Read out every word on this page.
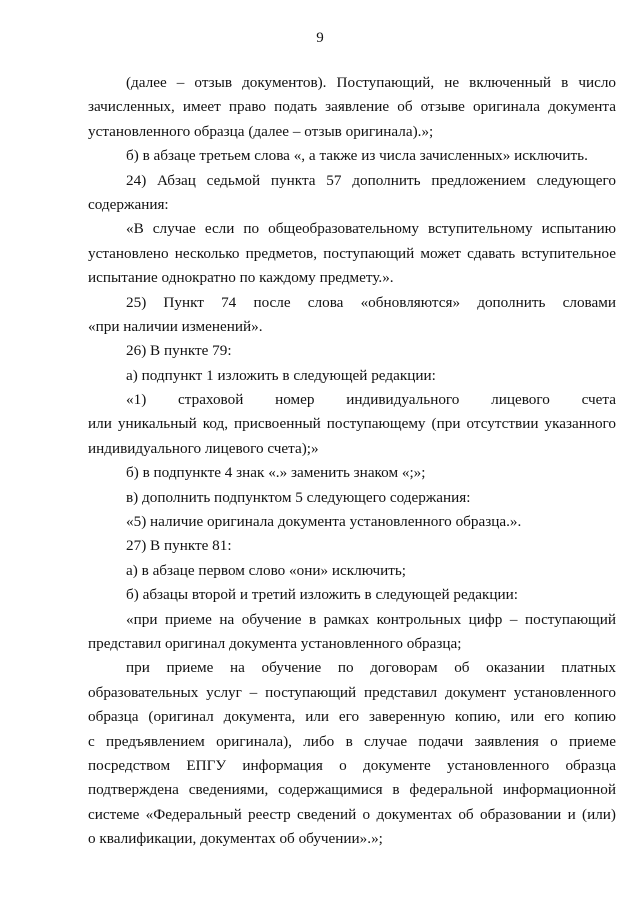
9
(далее – отзыв документов). Поступающий, не включенный в число
зачисленных, имеет право подать заявление об отзыве оригинала документа
установленного образца (далее – отзыв оригинала).»;
б) в абзаце третьем слова «, а также из числа зачисленных» исключить.
24) Абзац седьмой пункта 57 дополнить предложением следующего
содержания:
«В случае если по общеобразовательному вступительному испытанию
установлено несколько предметов, поступающий может сдавать вступительное
испытание однократно по каждому предмету.».
25) Пункт 74 после слова «обновляются» дополнить словами
«при наличии изменений».
26) В пункте 79:
а) подпункт 1 изложить в следующей редакции:
«1) страховой номер индивидуального лицевого счета
или уникальный код, присвоенный поступающему (при отсутствии указанного
индивидуального лицевого счета);»
б) в подпункте 4 знак «.» заменить знаком «;»;
в) дополнить подпунктом 5 следующего содержания:
«5) наличие оригинала документа установленного образца.».
27) В пункте 81:
а) в абзаце первом слово «они» исключить;
б) абзацы второй и третий изложить в следующей редакции:
«при приеме на обучение в рамках контрольных цифр – поступающий
представил оригинал документа установленного образца;
при приеме на обучение по договорам об оказании платных
образовательных услуг – поступающий представил документ установленного
образца (оригинал документа, или его заверенную копию, или его копию
с предъявлением оригинала), либо в случае подачи заявления о приеме
посредством ЕПГУ информация о документе установленного образца
подтверждена сведениями, содержащимися в федеральной информационной
системе «Федеральный реестр сведений о документах об образовании и (или)
о квалификации, документах об обучении».»;
